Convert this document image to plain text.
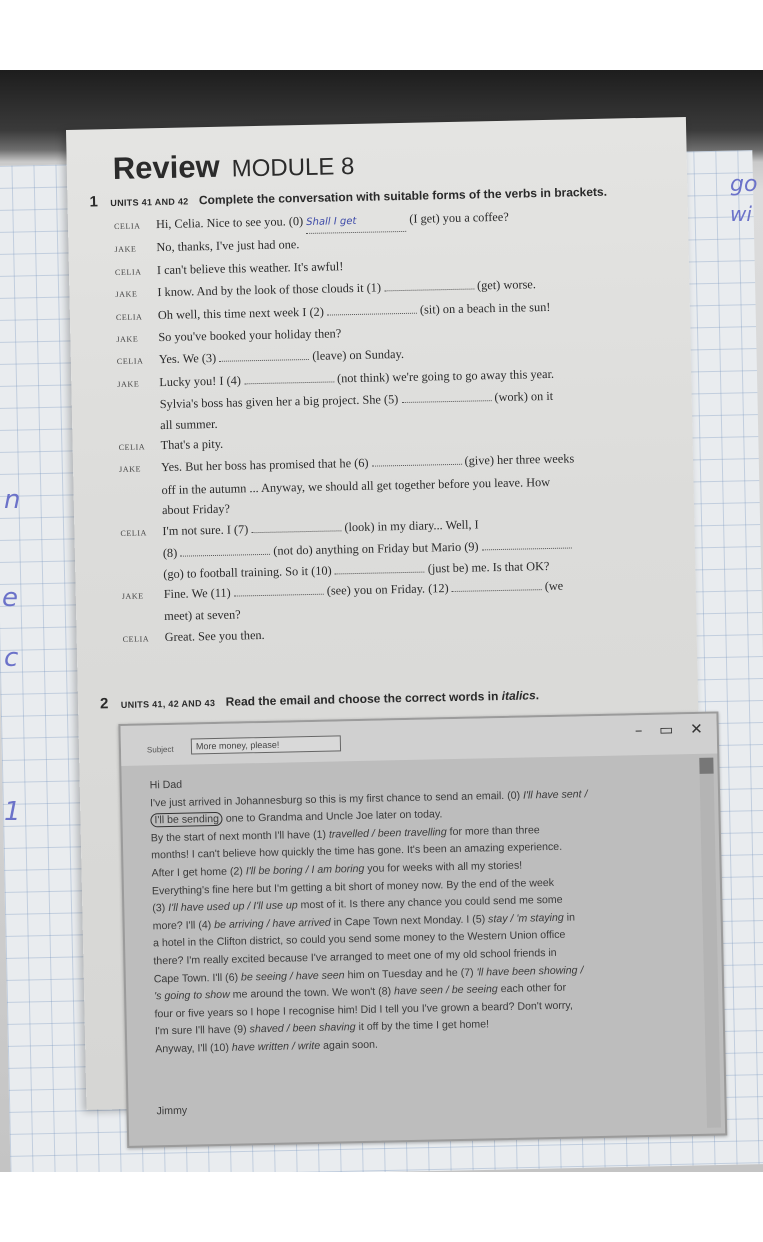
go
wi
n
e
c
1
Review MODULE 8
1 UNITS 41 AND 42 Complete the conversation with suitable forms of the verbs in brackets.
CELIA	Hi, Celia. Nice to see you. (0) Shall I get	(I get) you a coffee?
JAKE	No, thanks, I've just had one.
CELIA	I can't believe this weather. It's awful!
JAKE	I know. And by the look of those clouds it (1)	(get) worse.
CELIA	Oh well, this time next week I (2)	(sit) on a beach in the sun!
JAKE	So you've booked your holiday then?
CELIA	Yes. We (3)	(leave) on Sunday.
JAKE	Lucky you! I (4)	(not think) we're going to go away this year.
Sylvia's boss has given her a big project. She (5)	(work) on it
all summer.
CELIA	That's a pity.
JAKE	Yes. But her boss has promised that he (6)	(give) her three weeks
off in the autumn ... Anyway, we should all get together before you leave. How
about Friday?
CELIA	I'm not sure. I (7)	(look) in my diary... Well, I
(8)	(not do) anything on Friday but Mario (9)
(go) to football training. So it (10)	(just be) me. Is that OK?
JAKE	Fine. We (11)	(see) you on Friday. (12)	(we
meet) at seven?
CELIA	Great. See you then.
2 UNITS 41, 42 AND 43 Read the email and choose the correct words in italics.
– ▭ ✕
Subject	More money, please!

Hi Dad

I've just arrived in Johannesburg so this is my first chance to send an email. (0) I'll have sent /

I'll be sending one to Grandma and Uncle Joe later on today.

By the start of next month I'll have (1) travelled / been travelling for more than three

months! I can't believe how quickly the time has gone. It's been an amazing experience.

After I get home (2) I'll be boring / I am boring you for weeks with all my stories!

Everything's fine here but I'm getting a bit short of money now. By the end of the week

(3) I'll have used up / I'll use up most of it. Is there any chance you could send me some

more? I'll (4) be arriving / have arrived in Cape Town next Monday. I (5) stay / 'm staying in

a hotel in the Clifton district, so could you send some money to the Western Union office

there? I'm really excited because I've arranged to meet one of my old school friends in

Cape Town. I'll (6) be seeing / have seen him on Tuesday and he (7) 'll have been showing /

's going to show me around the town. We won't (8) have seen / be seeing each other for

four or five years so I hope I recognise him! Did I tell you I've grown a beard? Don't worry,

I'm sure I'll have (9) shaved / been shaving it off by the time I get home!

Anyway, I'll (10) have written / write again soon.

Jimmy
